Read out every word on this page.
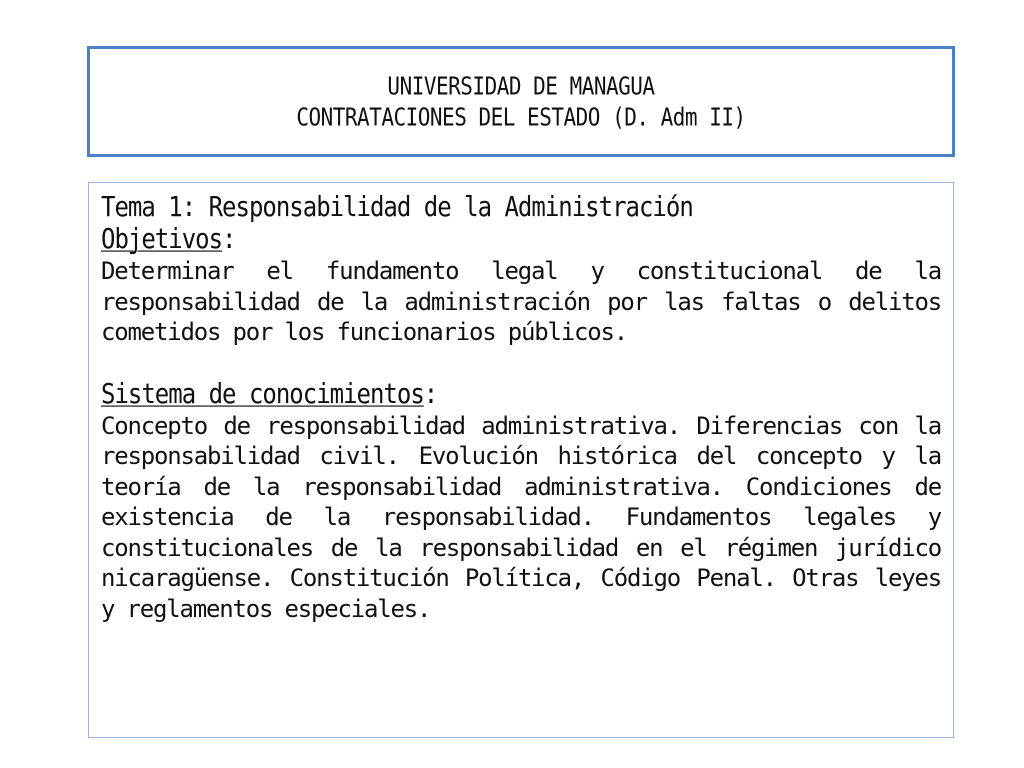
UNIVERSIDAD DE MANAGUA
CONTRATACIONES DEL ESTADO (D. Adm II)
Tema 1: Responsabilidad de la Administración
Objetivos:

Determinar el fundamento legal y constitucional de la responsabilidad de la administración por las faltas o delitos cometidos por los funcionarios públicos.

Sistema de conocimientos:

Concepto de responsabilidad administrativa. Diferencias con la responsabilidad civil. Evolución histórica del concepto y la teoría de la responsabilidad administrativa. Condiciones de existencia de la responsabilidad. Fundamentos legales y constitucionales de la responsabilidad en el régimen jurídico nicaragüense. Constitución Política, Código Penal. Otras leyes y reglamentos especiales.
